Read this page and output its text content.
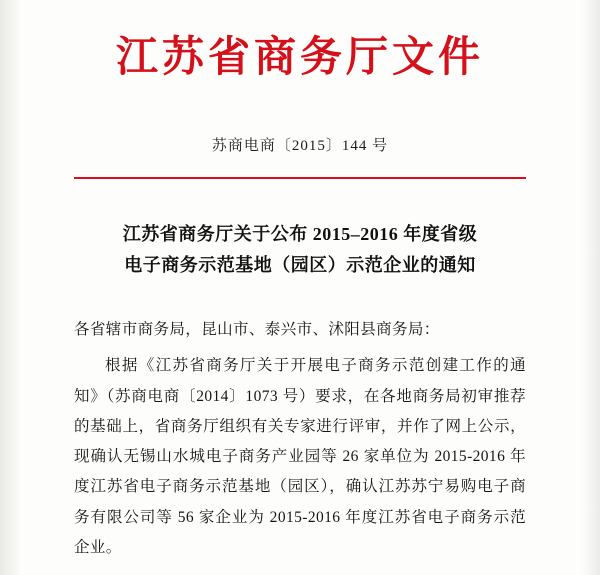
江苏省商务厅文件
苏商电商〔2015〕144 号
江苏省商务厅关于公布 2015–2016 年度省级
电子商务示范基地（园区）示范企业的通知

各省辖市商务局，昆山市、泰兴市、沭阳县商务局：

根据《江苏省商务厅关于开展电子商务示范创建工作的通知》（苏商电商〔2014〕1073 号）要求，在各地商务局初审推荐的基础上，省商务厅组织有关专家进行评审，并作了网上公示，现确认无锡山水城电子商务产业园等 26 家单位为 2015-2016 年度江苏省电子商务示范基地（园区），确认江苏苏宁易购电子商务有限公司等 56 家企业为 2015-2016 年度江苏省电子商务示范企业。
